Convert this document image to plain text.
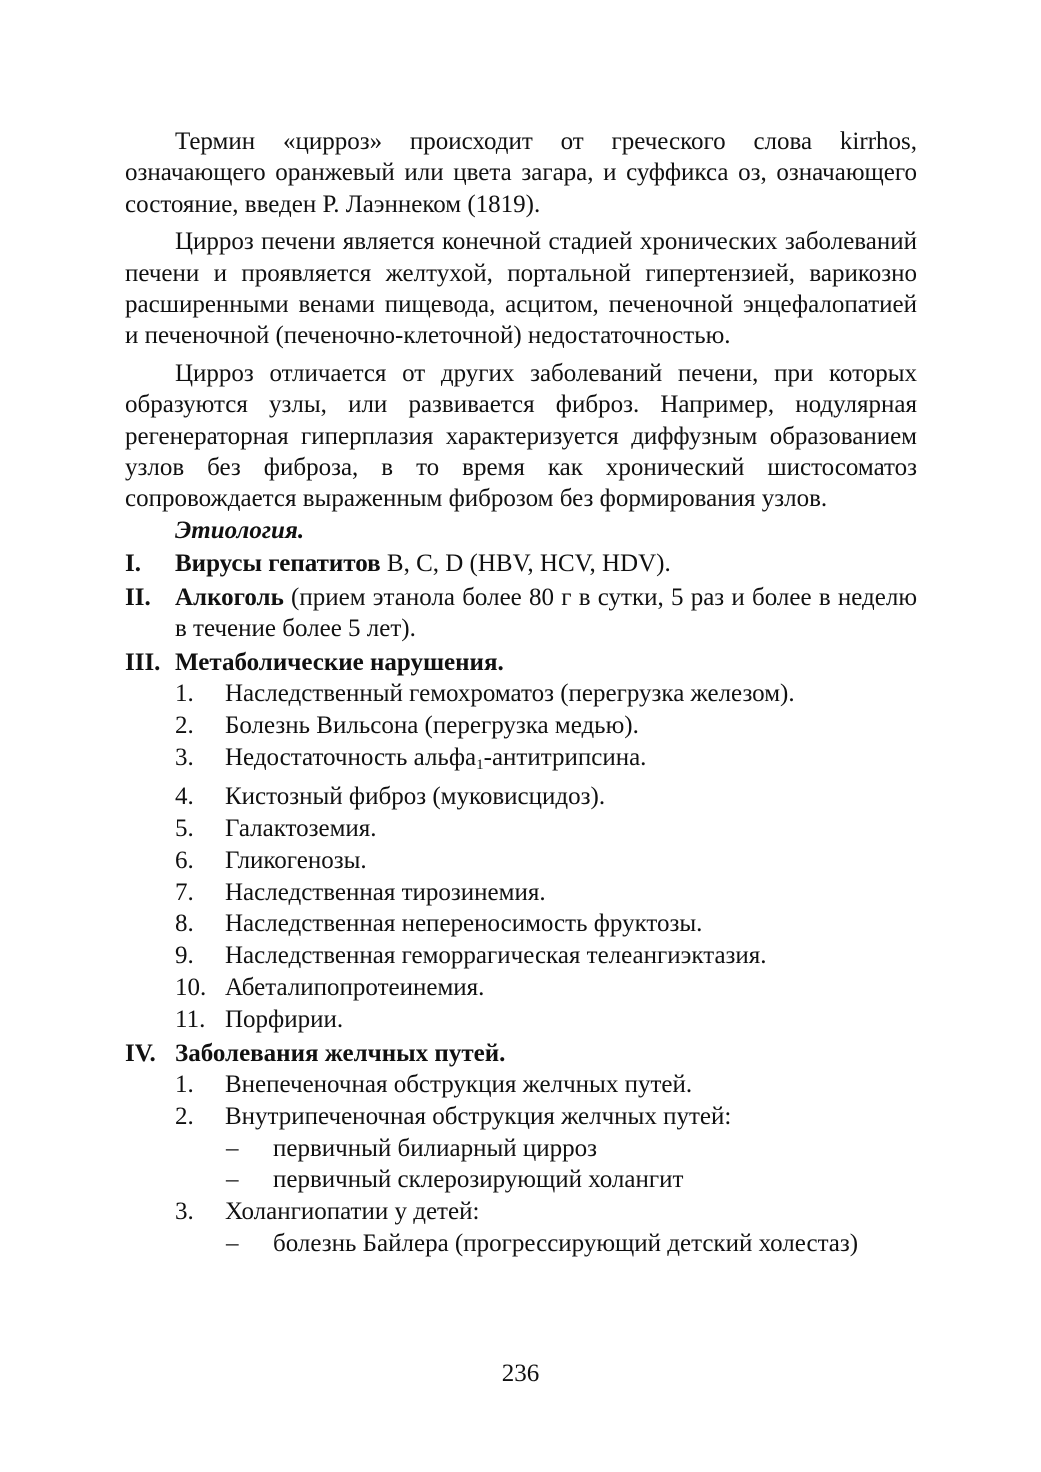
Термин «цирроз» происходит от греческого слова kirrhos, означающего оранжевый или цвета загара, и суффикса оз, означающего состояние, введен Р. Лаэннеком (1819).

Цирроз печени является конечной стадией хронических заболеваний печени и проявляется желтухой, портальной гипертензией, варикозно расширенными венами пищевода, асцитом, печеночной энцефалопатией и печеночной (печеночно-клеточной) недостаточностью.

Цирроз отличается от других заболеваний печени, при которых образуются узлы, или развивается фиброз. Например, нодулярная регенераторная гиперплазия характеризуется диффузным образованием узлов без фиброза, в то время как хронический шистосоматоз сопровождается выраженным фиброзом без формирования узлов.

Этиология.
I. Вирусы гепатитов B, C, D (HBV, HCV, HDV).
II. Алкоголь (прием этанола более 80 г в сутки, 5 раз и более в неделю в течение более 5 лет).
III. Метаболические нарушения.
1. Наследственный гемохроматоз (перегрузка железом).
2. Болезнь Вильсона (перегрузка медью).
3. Недостаточность альфа$_1$-антитрипсина.
4. Кистозный фиброз (муковисцидоз).
5. Галактоземия.
6. Гликогенозы.
7. Наследственная тирозинемия.
8. Наследственная непереносимость фруктозы.
9. Наследственная геморрагическая телеангиэктазия.
10. Абеталипопротеинемия.
11. Порфирии.
IV. Заболевания желчных путей.
1. Внепеченочная обструкция желчных путей.
2. Внутрипеченочная обструкция желчных путей:
– первичный билиарный цирроз
– первичный склерозирующий холангит
3. Холангиопатии у детей:
– болезнь Байлера (прогрессирующий детский холестаз)
236
